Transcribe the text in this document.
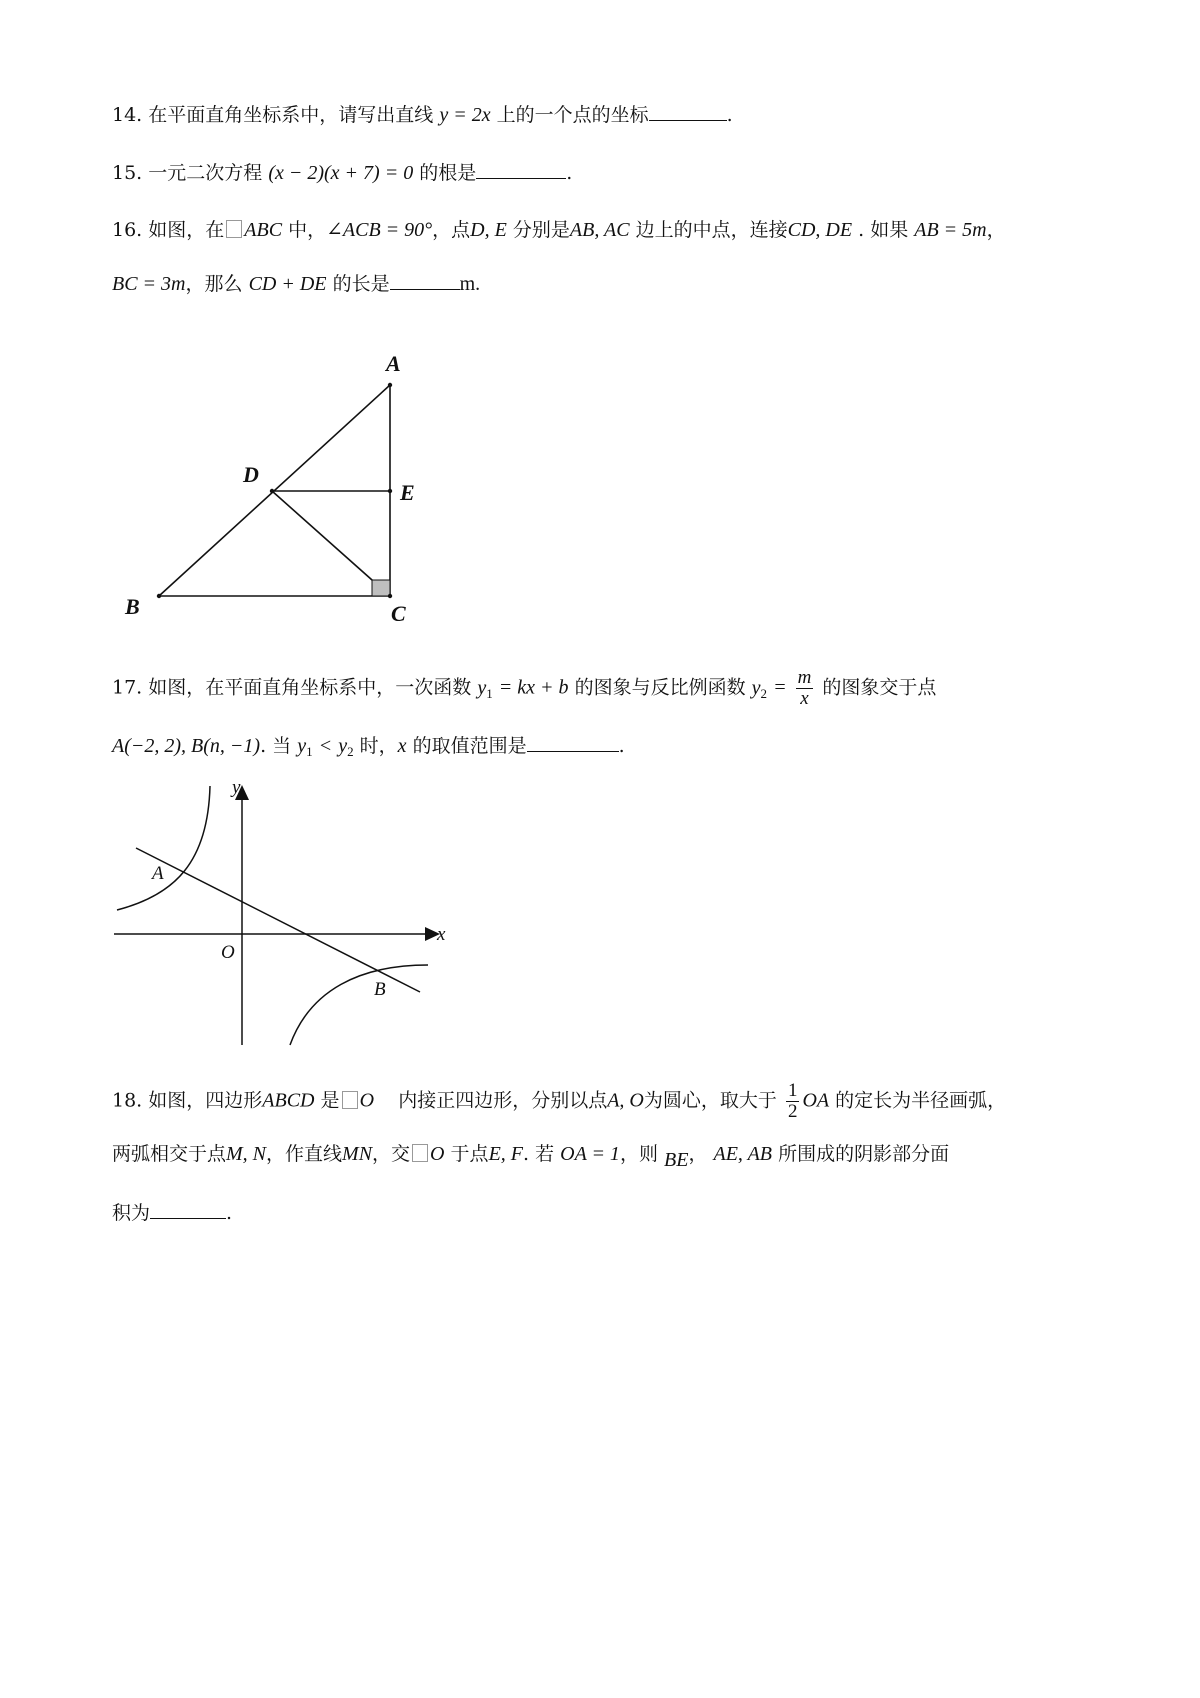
14. 在平面直角坐标系中，请写出直线 y = 2x 上的一个点的坐标	.
15. 一元二次方程 (x − 2)(x + 7) = 0 的根是	.
16. 如图，在 ABC 中，∠ACB = 90°，点D, E 分别是AB, AC 边上的中点，连接CD, DE . 如果 AB = 5m，
BC = 3m，那么 CD + DE 的长是	m.
A
D
E
B	C
17. 如图，在平面直角坐标系中，一次函数 $y_1$ = kx + b 的图象与反比例函数 $y_2 = \frac{m}{x}$ 的图象交于点
A(−2, 2), B(n, −1). 当 $y_1 < y_2$ 时，x 的取值范围是	.
y
x
O
A
B
18. 如图，四边形ABCD 是 O 内接正四边形，分别以点A, O为圆心，取大于 $\frac{1}{2}$ OA 的定长为半径画弧，
两弧相交于点M, N，作直线MN，交 O 于点E, F. 若 OA = 1，则 BE， AE, AB 所围成的阴影部分面
积为	.
